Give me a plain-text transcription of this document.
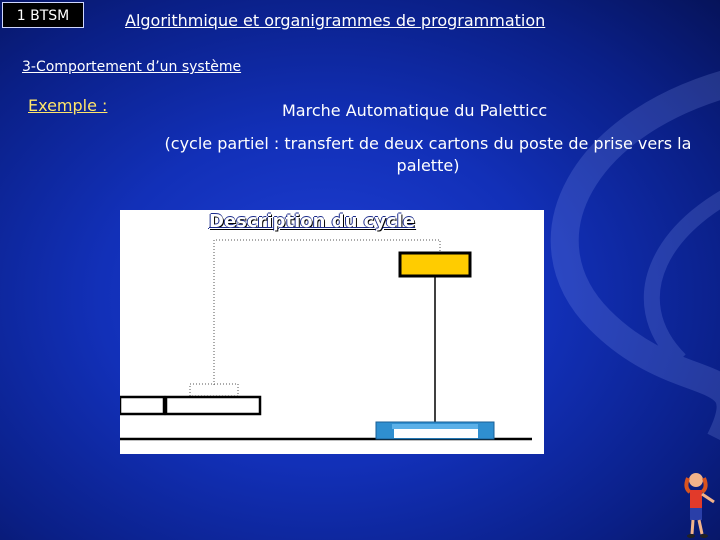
1 BTSM	Algorithmique et organigrammes de programmation
3-Comportement d’un système
Exemple :	Marche Automatique du Paletticc
(cycle partiel : transfert de deux cartons du poste de prise vers la palette)
Description du cycle
